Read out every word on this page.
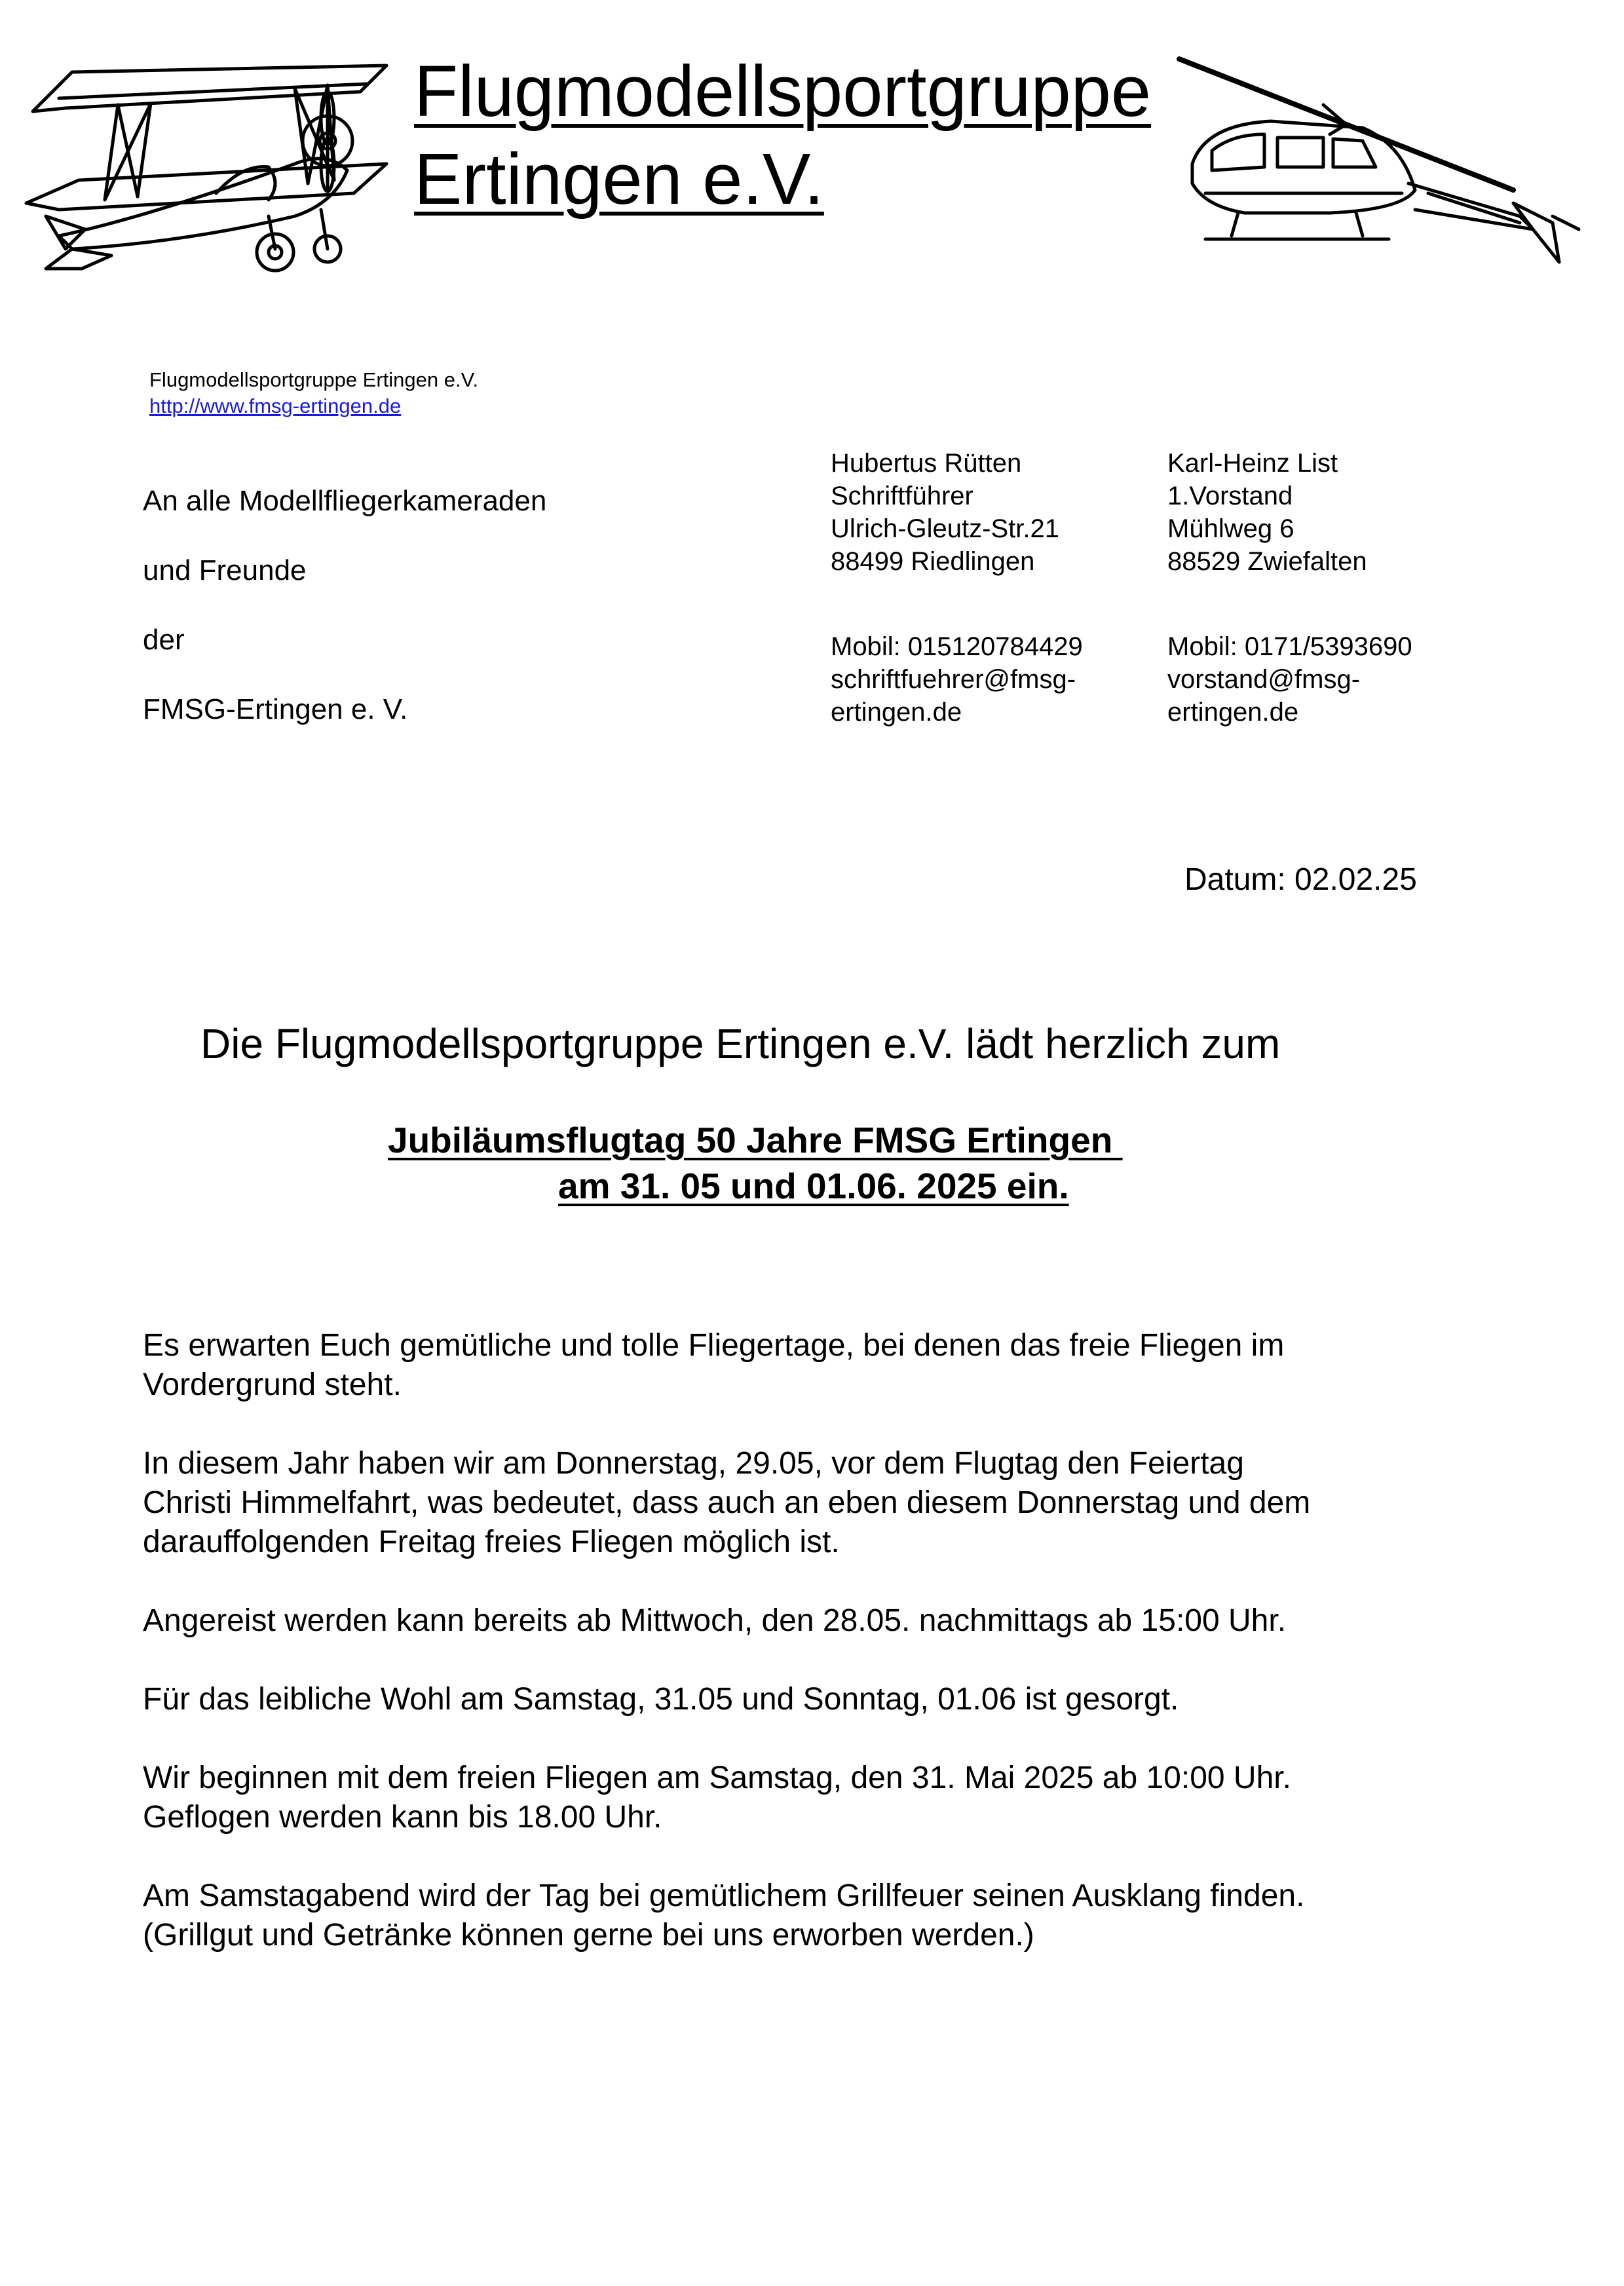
Flugmodellsportgruppe
Ertingen e.V.
Flugmodellsportgruppe Ertingen e.V.
http://www.fmsg-ertingen.de
An alle Modellfliegerkameraden
und Freunde
der
FMSG-Ertingen e. V.
Hubertus Rütten
Schriftführer
Ulrich-Gleutz-Str.21
88499 Riedlingen
Mobil: 015120784429
schriftfuehrer@fmsg-
ertingen.de
Karl-Heinz List
1.Vorstand
Mühlweg 6
88529 Zwiefalten
Mobil: 0171/5393690
vorstand@fmsg-
ertingen.de
Datum: 02.02.25
Die Flugmodellsportgruppe Ertingen e.V. lädt herzlich zum
Jubiläumsflugtag 50 Jahre FMSG Ertingen
am 31. 05 und 01.06. 2025 ein.
Es erwarten Euch gemütliche und tolle Fliegertage, bei denen das freie Fliegen im
Vordergrund steht.
In diesem Jahr haben wir am Donnerstag, 29.05, vor dem Flugtag den Feiertag
Christi Himmelfahrt, was bedeutet, dass auch an eben diesem Donnerstag und dem
darauffolgenden Freitag freies Fliegen möglich ist.
Angereist werden kann bereits ab Mittwoch, den 28.05. nachmittags ab 15:00 Uhr.
Für das leibliche Wohl am Samstag, 31.05 und Sonntag, 01.06 ist gesorgt.
Wir beginnen mit dem freien Fliegen am Samstag, den 31. Mai 2025 ab 10:00 Uhr.
Geflogen werden kann bis 18.00 Uhr.
Am Samstagabend wird der Tag bei gemütlichem Grillfeuer seinen Ausklang finden.
(Grillgut und Getränke können gerne bei uns erworben werden.)
